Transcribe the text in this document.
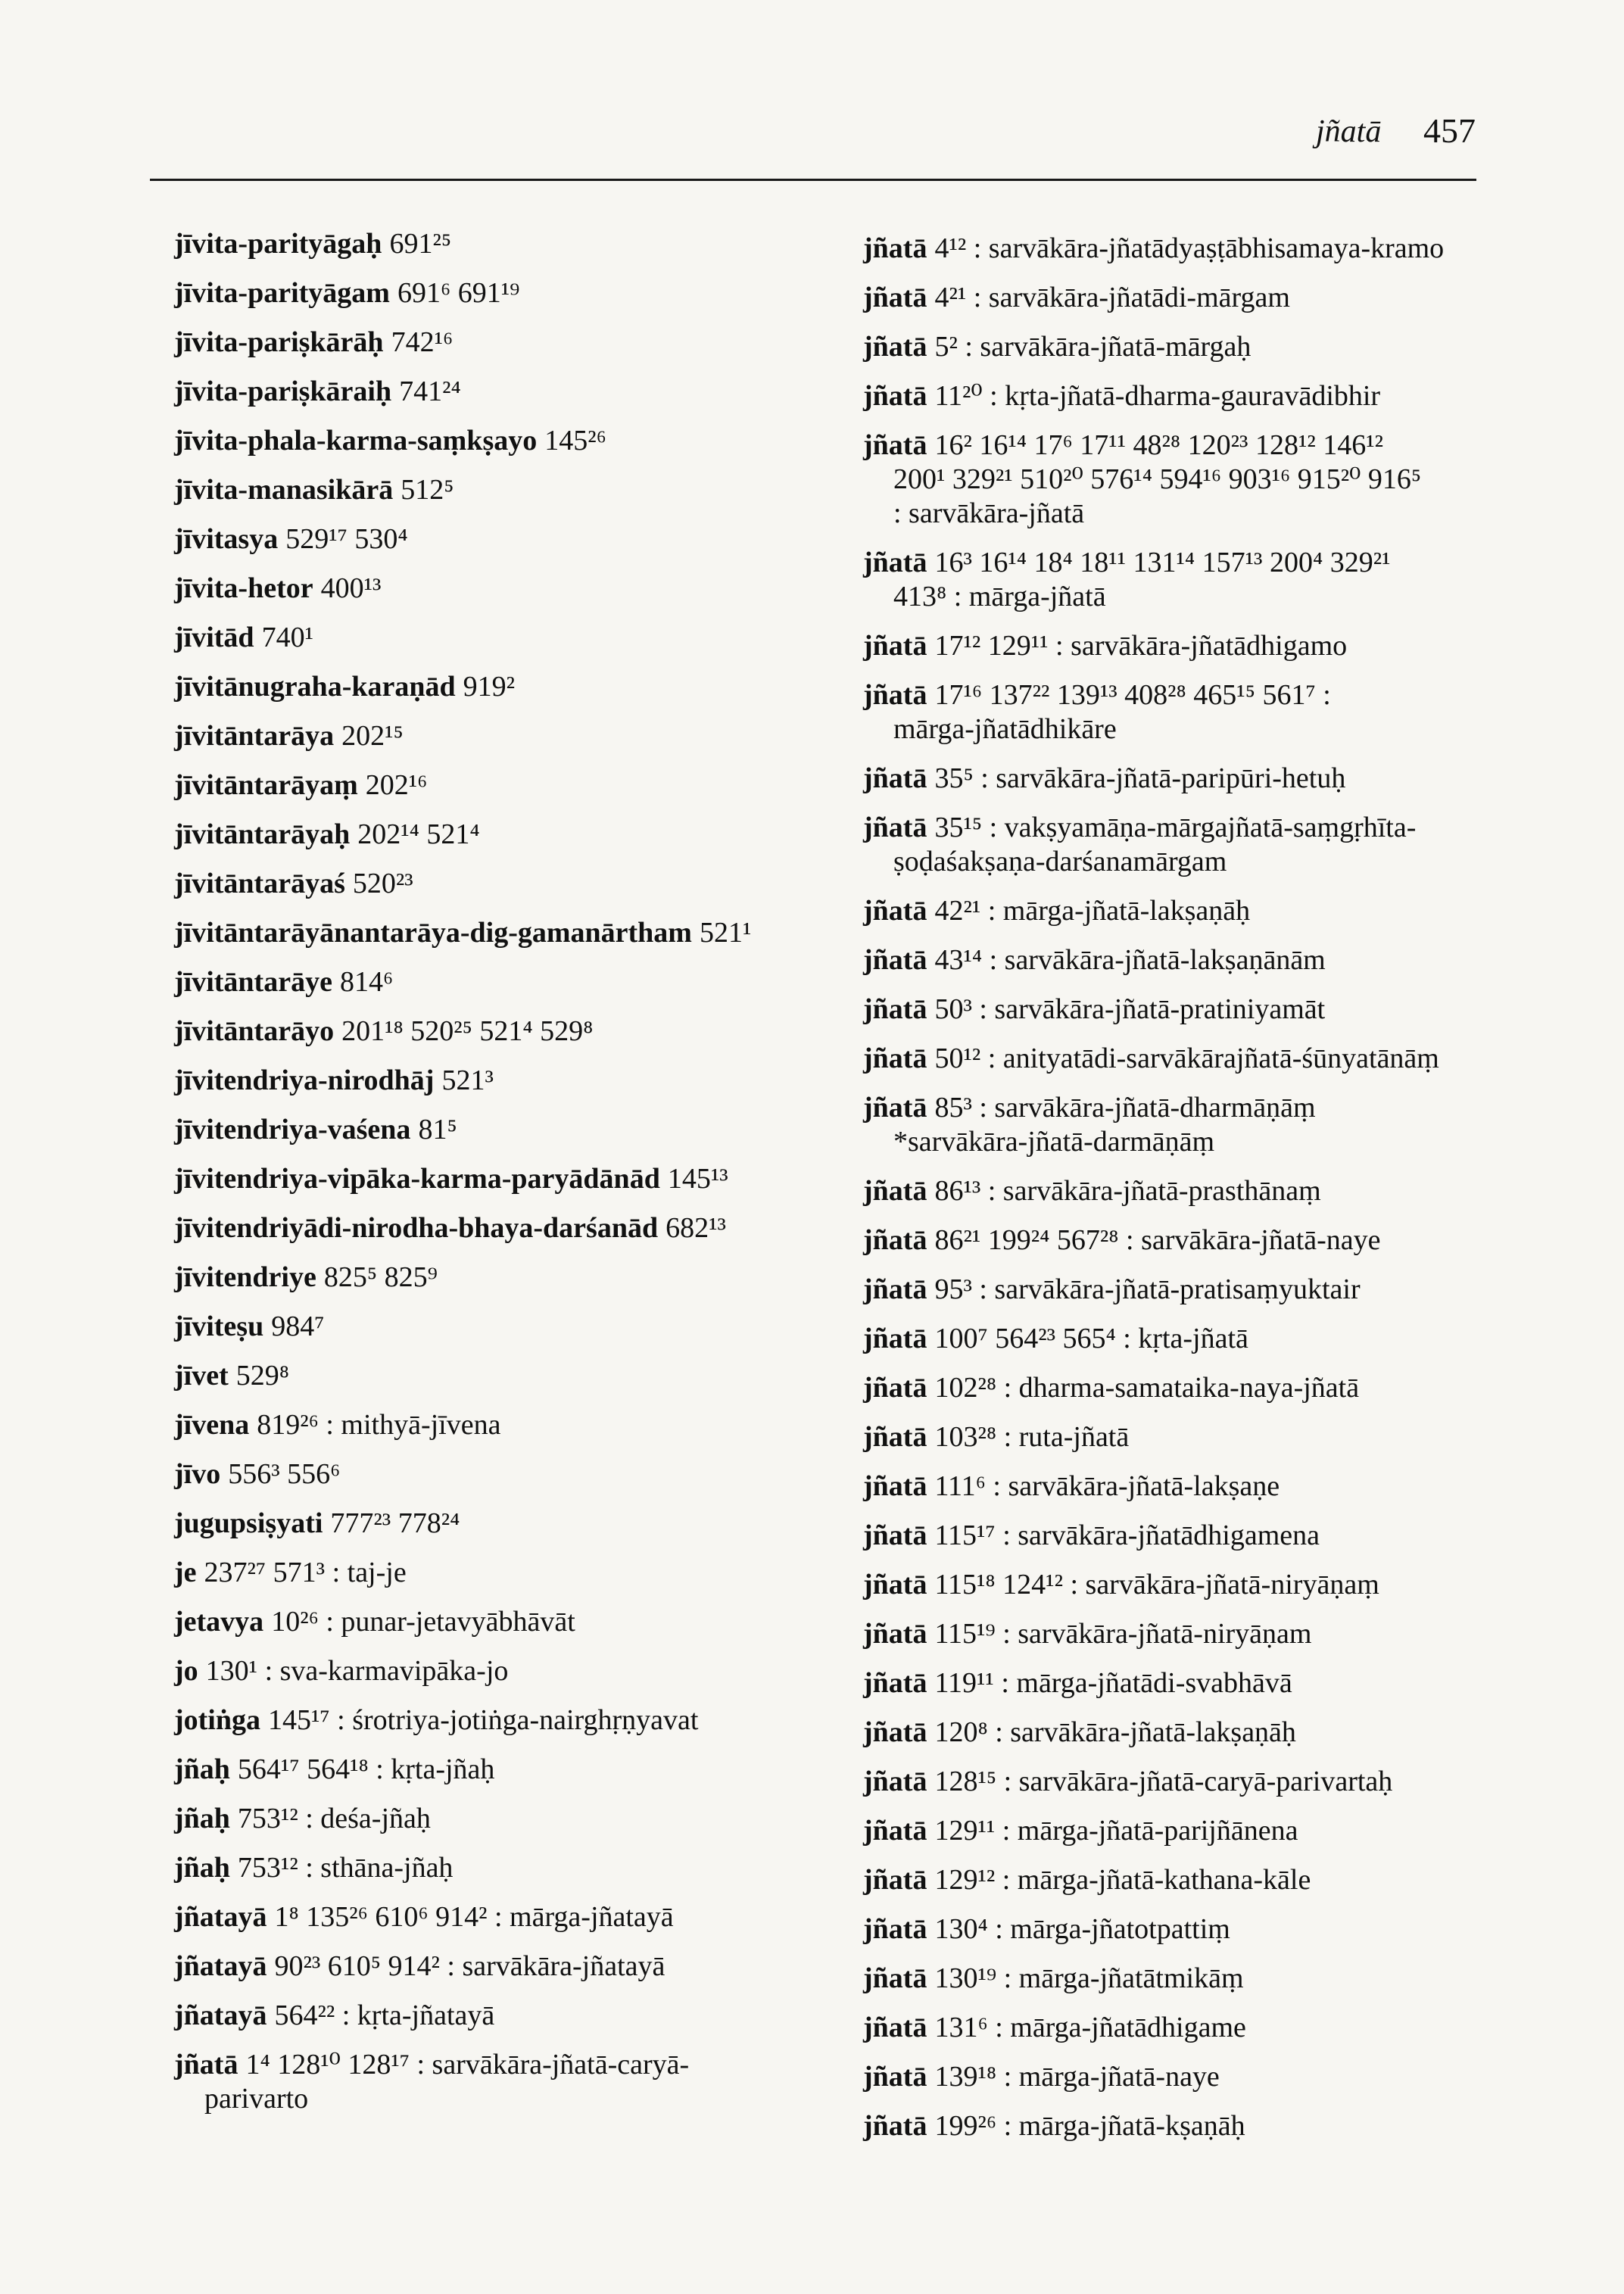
jñatā 457
jīvita-parityāgaḥ 691²⁵
jīvita-parityāgam 691⁶ 691¹⁹
jīvita-pariṣkārāḥ 742¹⁶
jīvita-pariṣkāraiḥ 741²⁴
jīvita-phala-karma-saṃkṣayo 145²⁶
jīvita-manasikārā 512⁵
jīvitasya 529¹⁷ 530⁴
jīvita-hetor 400¹³
jīvitād 740¹
jīvitānugraha-karaṇād 919²
jīvitāntarāya 202¹⁵
jīvitāntarāyaṃ 202¹⁶
jīvitāntarāyaḥ 202¹⁴ 521⁴
jīvitāntarāyaś 520²³
jīvitāntarāyānantarāya-dig-gamanārtham 521¹
jīvitāntarāye 814⁶
jīvitāntarāyo 201¹⁸ 520²⁵ 521⁴ 529⁸
jīvitendriya-nirodhāj 521³
jīvitendriya-vaśena 81⁵
jīvitendriya-vipāka-karma-paryādānād 145¹³
jīvitendriyādi-nirodha-bhaya-darśanād 682¹³
jīvitendriye 825⁵ 825⁹
jīviteṣu 984⁷
jīvet 529⁸
jīvena 819²⁶ : mithyā-jīvena
jīvo 556³ 556⁶
jugupsiṣyati 777²³ 778²⁴
je 237²⁷ 571³ : taj-je
jetavya 10²⁶ : punar-jetavyābhāvāt
jo 130¹ : sva-karmavipāka-jo
jotiṅga 145¹⁷ : śrotriya-jotiṅga-nairghṛṇyavat
jñaḥ 564¹⁷ 564¹⁸ : kṛta-jñaḥ
jñaḥ 753¹² : deśa-jñaḥ
jñaḥ 753¹² : sthāna-jñaḥ
jñatayā 1⁸ 135²⁶ 610⁶ 914² : mārga-jñatayā
jñatayā 90²³ 610⁵ 914² : sarvākāra-jñatayā
jñatayā 564²² : kṛta-jñatayā
jñatā 1⁴ 128¹⁰ 128¹⁷ : sarvākāra-jñatā-caryā-
parivarto
jñatā 4¹² : sarvākāra-jñatādyaṣṭābhisamaya-kramo
jñatā 4²¹ : sarvākāra-jñatādi-mārgam
jñatā 5² : sarvākāra-jñatā-mārgaḥ
jñatā 11²⁰ : kṛta-jñatā-dharma-gauravādibhir
jñatā 16² 16¹⁴ 17⁶ 17¹¹ 48²⁸ 120²³ 128¹² 146¹²
200¹ 329²¹ 510²⁰ 576¹⁴ 594¹⁶ 903¹⁶ 915²⁰ 916⁵
: sarvākāra-jñatā
jñatā 16³ 16¹⁴ 18⁴ 18¹¹ 131¹⁴ 157¹³ 200⁴ 329²¹
413⁸ : mārga-jñatā
jñatā 17¹² 129¹¹ : sarvākāra-jñatādhigamo
jñatā 17¹⁶ 137²² 139¹³ 408²⁸ 465¹⁵ 561⁷ :
mārga-jñatādhikāre
jñatā 35⁵ : sarvākāra-jñatā-paripūri-hetuḥ
jñatā 35¹⁵ : vakṣyamāṇa-mārgajñatā-saṃgṛhīta-
ṣoḍaśakṣaṇa-darśanamārgam
jñatā 42²¹ : mārga-jñatā-lakṣaṇāḥ
jñatā 43¹⁴ : sarvākāra-jñatā-lakṣaṇānām
jñatā 50³ : sarvākāra-jñatā-pratiniyamāt
jñatā 50¹² : anityatādi-sarvākārajñatā-śūnyatānāṃ
jñatā 85³ : sarvākāra-jñatā-dharmāṇāṃ
*sarvākāra-jñatā-darmāṇāṃ
jñatā 86¹³ : sarvākāra-jñatā-prasthānaṃ
jñatā 86²¹ 199²⁴ 567²⁸ : sarvākāra-jñatā-naye
jñatā 95³ : sarvākāra-jñatā-pratisaṃyuktair
jñatā 100⁷ 564²³ 565⁴ : kṛta-jñatā
jñatā 102²⁸ : dharma-samataika-naya-jñatā
jñatā 103²⁸ : ruta-jñatā
jñatā 111⁶ : sarvākāra-jñatā-lakṣaṇe
jñatā 115¹⁷ : sarvākāra-jñatādhigamena
jñatā 115¹⁸ 124¹² : sarvākāra-jñatā-niryāṇaṃ
jñatā 115¹⁹ : sarvākāra-jñatā-niryāṇam
jñatā 119¹¹ : mārga-jñatādi-svabhāvā
jñatā 120⁸ : sarvākāra-jñatā-lakṣaṇāḥ
jñatā 128¹⁵ : sarvākāra-jñatā-caryā-parivartaḥ
jñatā 129¹¹ : mārga-jñatā-parijñānena
jñatā 129¹² : mārga-jñatā-kathana-kāle
jñatā 130⁴ : mārga-jñatotpattiṃ
jñatā 130¹⁹ : mārga-jñatātmikāṃ
jñatā 131⁶ : mārga-jñatādhigame
jñatā 139¹⁸ : mārga-jñatā-naye
jñatā 199²⁶ : mārga-jñatā-kṣaṇāḥ
